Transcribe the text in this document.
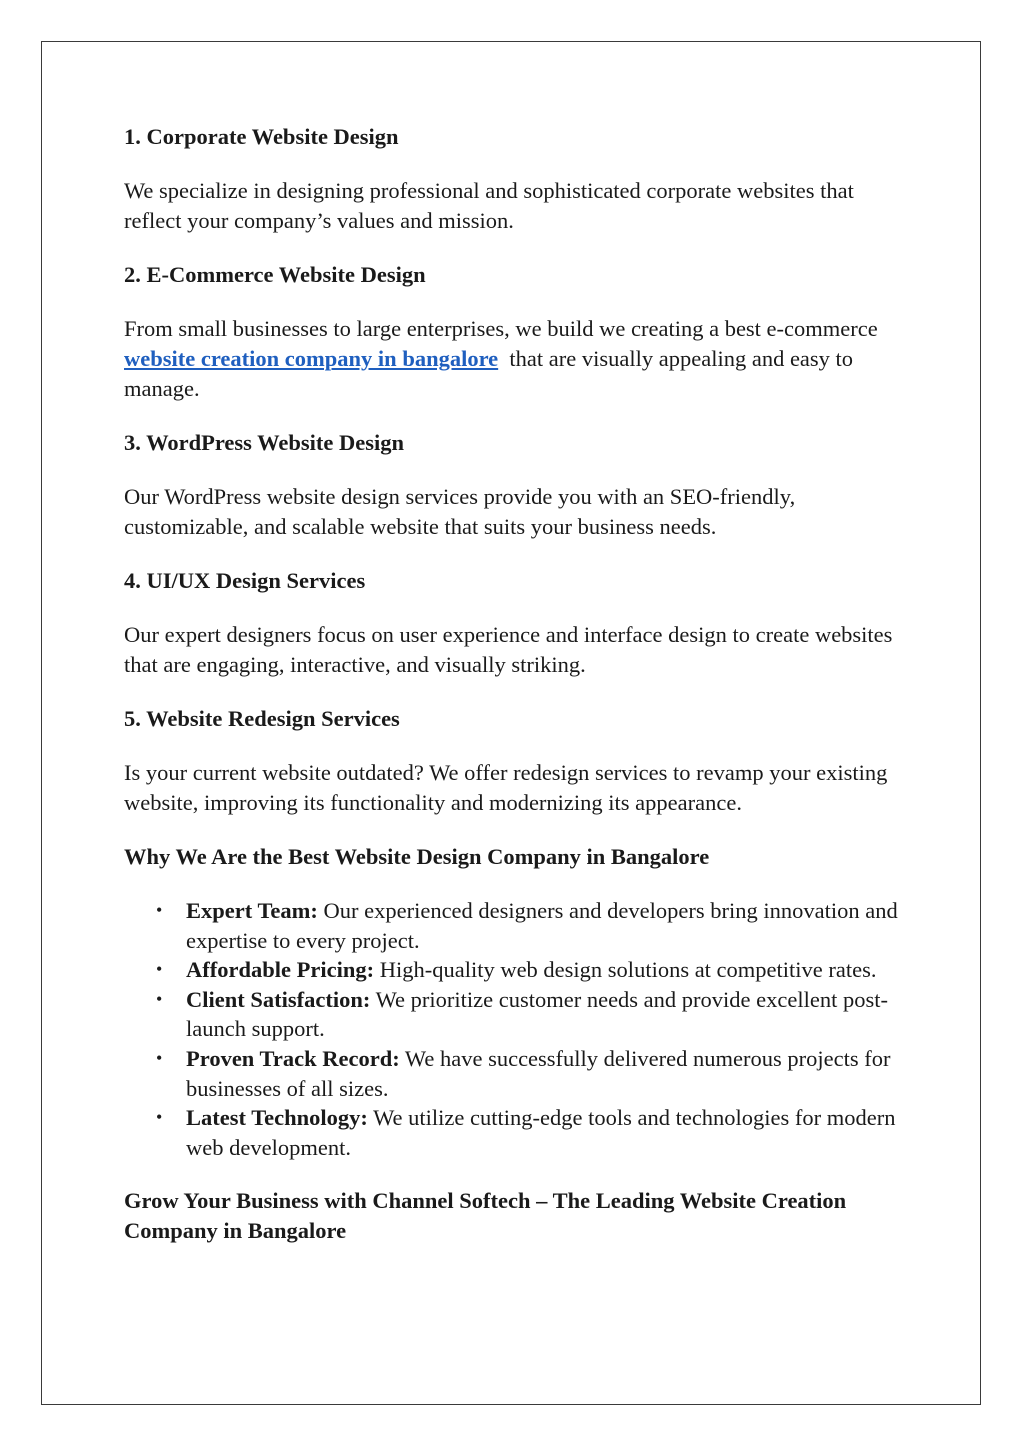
1. Corporate Website Design
We specialize in designing professional and sophisticated corporate websites that reflect your company’s values and mission.
2. E-Commerce Website Design
From small businesses to large enterprises, we build we creating a best e-commerce website creation company in bangalore  that are visually appealing and easy to manage.
3. WordPress Website Design
Our WordPress website design services provide you with an SEO-friendly, customizable, and scalable website that suits your business needs.
4. UI/UX Design Services
Our expert designers focus on user experience and interface design to create websites that are engaging, interactive, and visually striking.
5. Website Redesign Services
Is your current website outdated? We offer redesign services to revamp your existing website, improving its functionality and modernizing its appearance.
Why We Are the Best Website Design Company in Bangalore
• Expert Team: Our experienced designers and developers bring innovation and expertise to every project.
• Affordable Pricing: High-quality web design solutions at competitive rates.
• Client Satisfaction: We prioritize customer needs and provide excellent post-launch support.
• Proven Track Record: We have successfully delivered numerous projects for businesses of all sizes.
• Latest Technology: We utilize cutting-edge tools and technologies for modern web development.
Grow Your Business with Channel Softech – The Leading Website Creation Company in Bangalore
